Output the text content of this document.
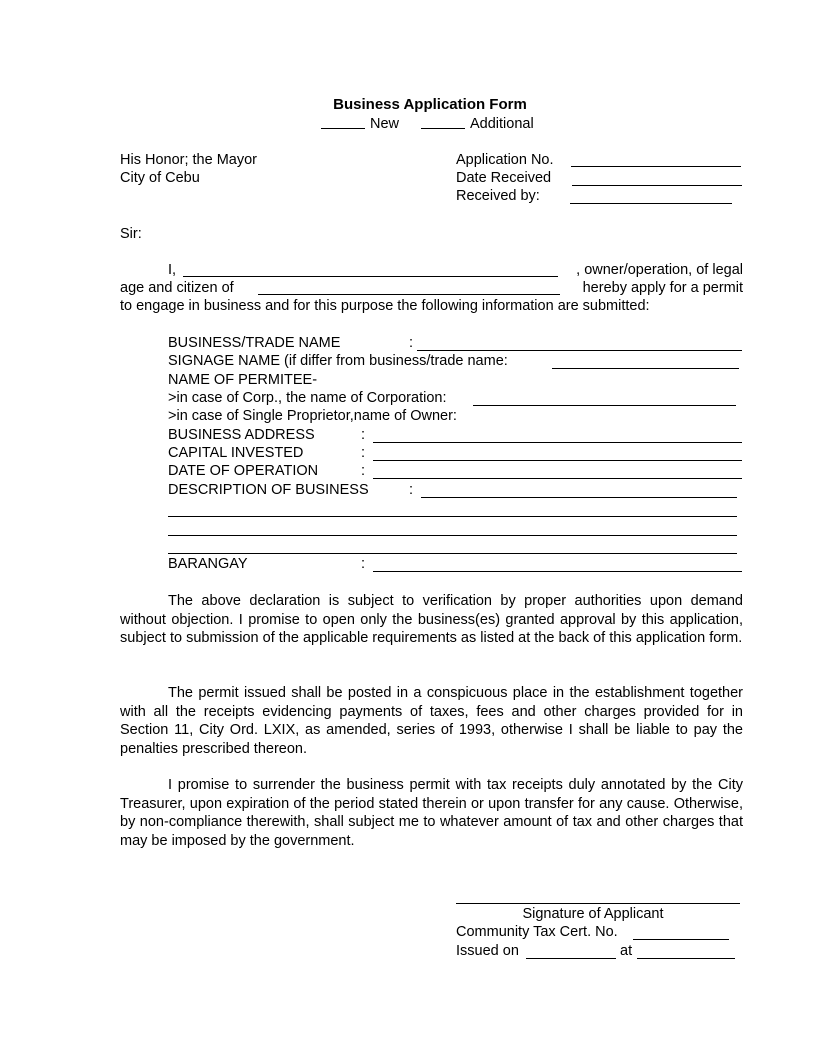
Business Application Form
New	Additional
His Honor; the Mayor
City of Cebu
Application No.
Date Received
Received by:
Sir:
I,	, owner/operation, of legal
age and citizen of	hereby apply for a permit
to engage in business and for this purpose the following information are submitted:
BUSINESS/TRADE NAME	:
SIGNAGE NAME (if differ from business/trade name:
NAME OF PERMITEE-
>in case of Corp., the name of Corporation:
>in case of Single Proprietor,name of Owner:
BUSINESS ADDRESS	:
CAPITAL INVESTED	:
DATE OF OPERATION	:
DESCRIPTION OF BUSINESS	:
BARANGAY	:

The above declaration is subject to verification by proper authorities upon demand without objection. I promise to open only the business(es) granted approval by this application, subject to submission of the applicable requirements as listed at the back of this application form.

The permit issued shall be posted in a conspicuous place in the establishment together with all the receipts evidencing payments of taxes, fees and other charges provided for in Section 11, City Ord. LXIX, as amended, series of 1993, otherwise I shall be liable to pay the penalties prescribed thereon.

I promise to surrender the business permit with tax receipts duly annotated by the City Treasurer, upon expiration of the period stated therein or upon transfer for any cause. Otherwise, by non-compliance therewith, shall subject me to whatever amount of tax and other charges that may be imposed by the government.

Signature of Applicant
Community Tax Cert. No.
Issued on	at
